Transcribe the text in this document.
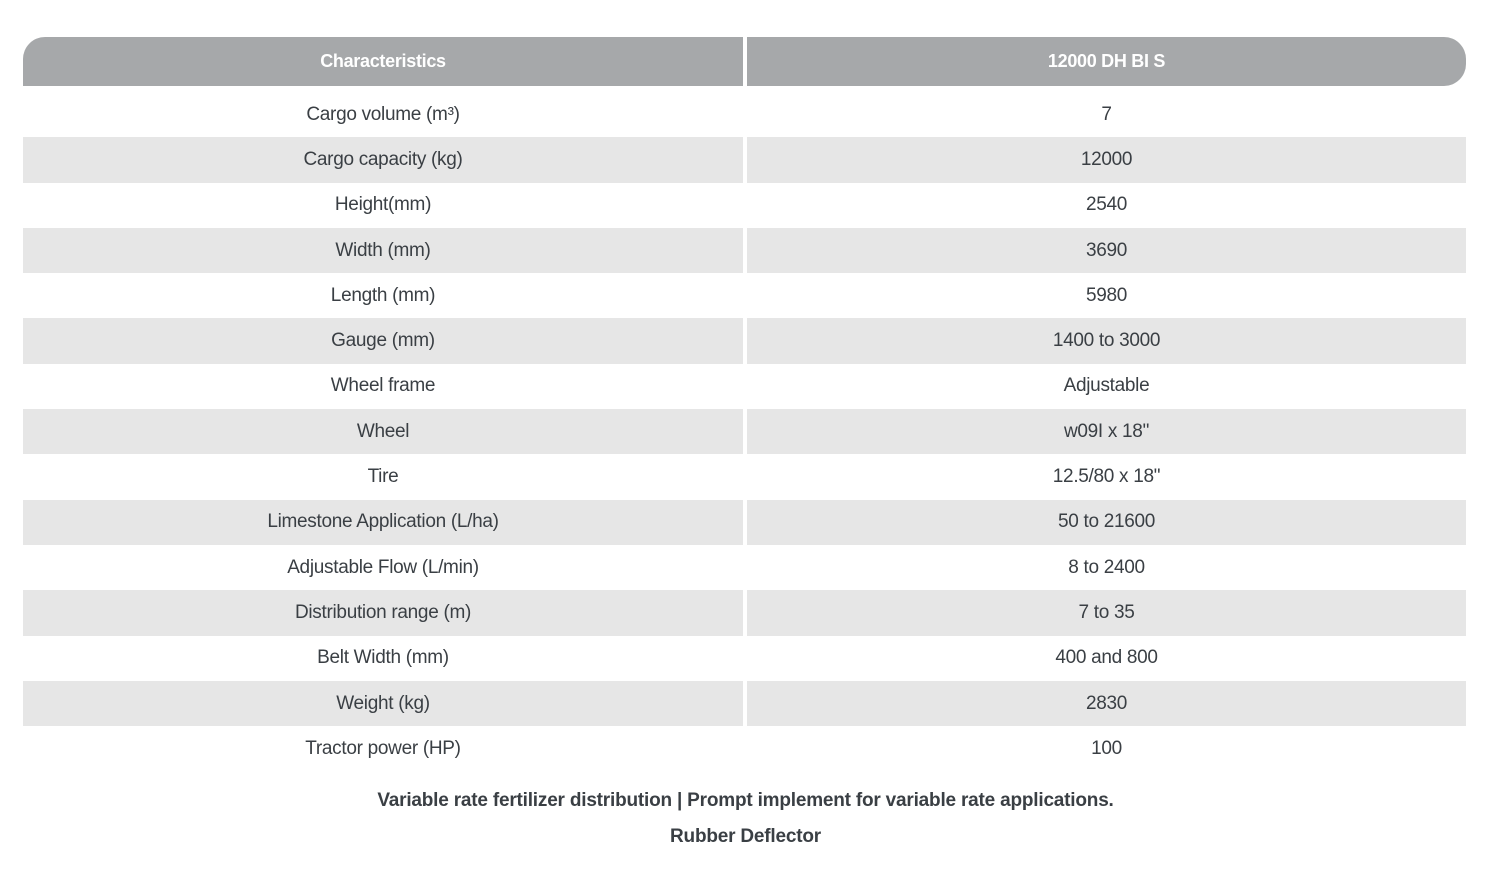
Characteristics	12000 DH BI S
Cargo volume (m³)	7
Cargo capacity (kg)	12000
Height(mm)	2540
Width (mm)	3690
Length (mm)	5980
Gauge (mm)	1400 to 3000
Wheel frame	Adjustable
Wheel	w09I x 18"
Tire	12.5/80 x 18"
Limestone Application (L/ha)	50 to 21600
Adjustable Flow (L/min)	8 to 2400
Distribution range (m)	7 to 35
Belt Width (mm)	400 and 800
Weight (kg)	2830
Tractor power (HP)	100
Variable rate fertilizer distribution | Prompt implement for variable rate applications.
Rubber Deflector
